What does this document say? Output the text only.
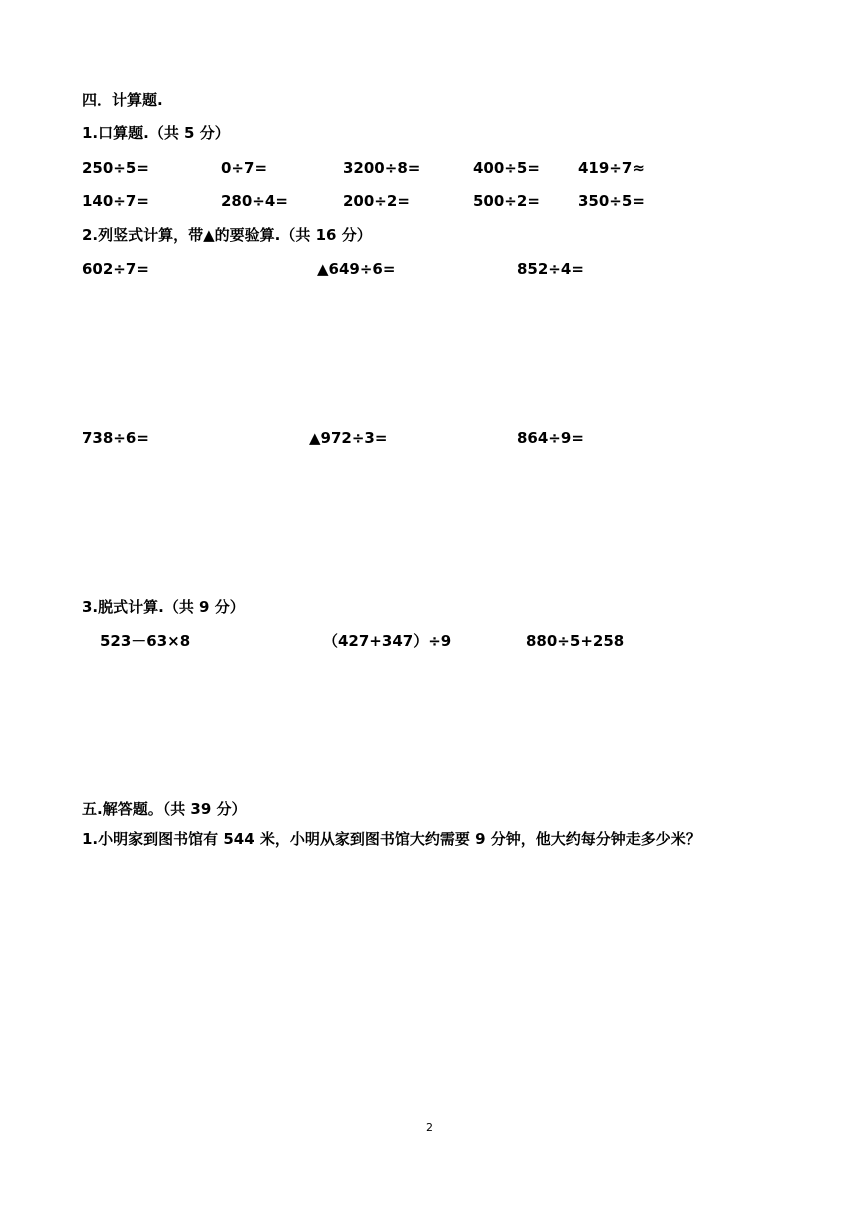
四．计算题.
1.口算题.（共 5 分）
250÷5=	0÷7=	3200÷8=	400÷5=	419÷7≈
140÷7=	280÷4=	200÷2=	500÷2=	350÷5=
2.列竖式计算，带▲的要验算.（共 16 分）
602÷7=	▲649÷6=	852÷4=
738÷6=	▲972÷3=	864÷9=
3.脱式计算.（共 9 分）
523－63×8	（427+347）÷9	880÷5+258
五.解答题。（共 39 分）
1.小明家到图书馆有 544 米，小明从家到图书馆大约需要 9 分钟，他大约每分钟走多少米？
2
